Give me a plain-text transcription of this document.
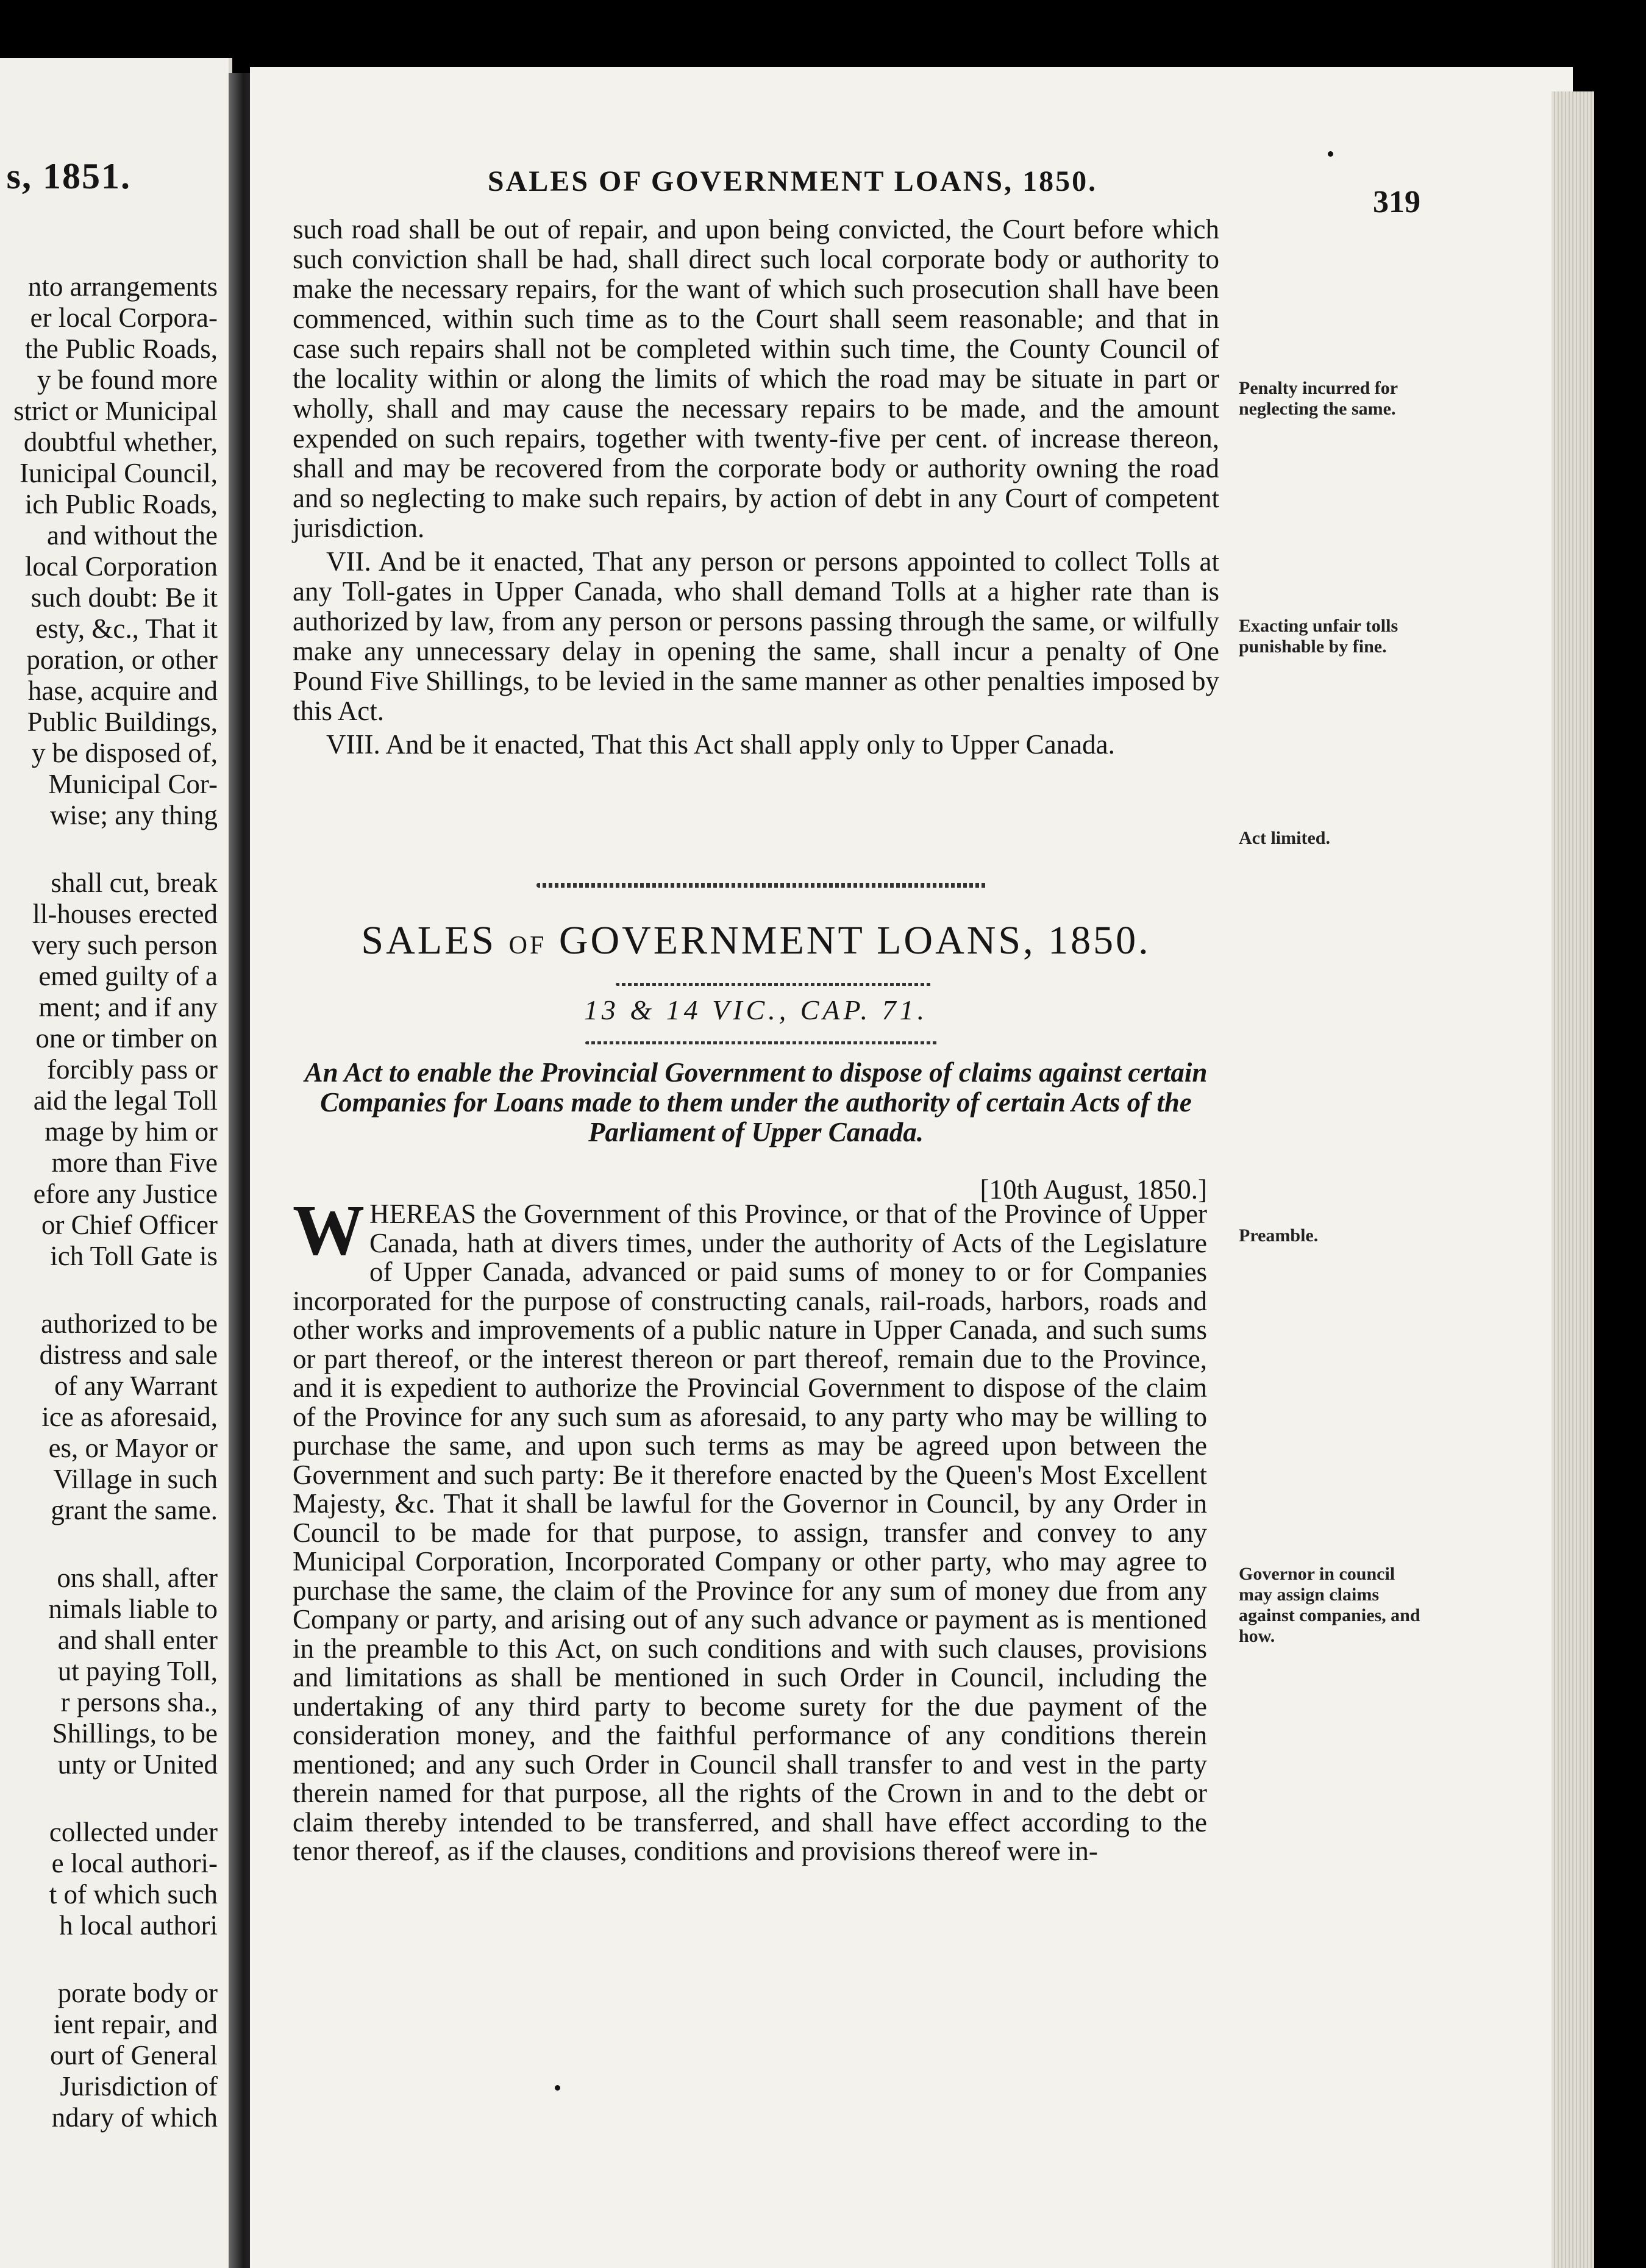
s, 1851.
nto arrangements
er local Corpora-
the Public Roads,
y be found more
strict or Municipal
doubtful whether,
Iunicipal Council,
ich Public Roads,
and without the
local Corporation
such doubt: Be it
esty, &c., That it
poration, or other
hase, acquire and
Public Buildings,
y be disposed of,
Municipal Cor-
wise; any thing
shall cut, break
ll-houses erected
very such person
emed guilty of a
ment; and if any
one or timber on
forcibly pass or
aid the legal Toll
mage by him or
more than Five
efore any Justice
or Chief Officer
ich Toll Gate is
authorized to be
distress and sale
of any Warrant
ice as aforesaid,
es, or Mayor or
Village in such
grant the same.
ons shall, after
nimals liable to
and shall enter
ut paying Toll,
r persons sha.,
Shillings, to be
unty or United
collected under
e local authori-
t of which such
h local authori
porate body or
ient repair, and
ourt of General
Jurisdiction of
ndary of which
SALES OF GOVERNMENT LOANS, 1850.
319

such road shall be out of repair, and upon being convicted, the Court before which such conviction shall be had, shall direct such local corporate body or authority to make the necessary repairs, for the want of which such prosecution shall have been commenced, within such time as to the Court shall seem reasonable; and that in case such repairs shall not be completed within such time, the County Council of the locality within or along the limits of which the road may be situate in part or wholly, shall and may cause the necessary repairs to be made, and the amount expended on such repairs, together with twenty-five per cent. of increase thereon, shall and may be recovered from the corporate body or authority owning the road and so neglecting to make such repairs, by action of debt in any Court of competent jurisdiction.

VII. And be it enacted, That any person or persons appointed to collect Tolls at any Toll-gates in Upper Canada, who shall demand Tolls at a higher rate than is authorized by law, from any person or persons passing through the same, or wilfully make any unnecessary delay in opening the same, shall incur a penalty of One Pound Five Shillings, to be levied in the same manner as other penalties imposed by this Act.

VIII. And be it enacted, That this Act shall apply only to Upper Canada.

Penalty incurred for neglecting the same.
Exacting unfair tolls punishable by fine.
Act limited.
SALES OF GOVERNMENT LOANS, 1850.
13 & 14 VIC., CAP. 71.
An Act to enable the Provincial Government to dispose of claims against certain Companies for Loans made to them under the authority of certain Acts of the Parliament of Upper Canada.
[10th August, 1850.]
W HEREAS the Government of this Province, or that of the Province of Upper Canada, hath at divers times, under the authority of Acts of the Legislature of Upper Canada, advanced or paid sums of money to or for Companies incorporated for the purpose of constructing canals, rail-roads, harbors, roads and other works and improvements of a public nature in Upper Canada, and such sums or part thereof, or the interest thereon or part thereof, remain due to the Province, and it is expedient to authorize the Provincial Government to dispose of the claim of the Province for any such sum as aforesaid, to any party who may be willing to purchase the same, and upon such terms as may be agreed upon between the Government and such party: Be it therefore enacted by the Queen's Most Excellent Majesty, &c. That it shall be lawful for the Governor in Council, by any Order in Council to be made for that purpose, to assign, transfer and convey to any Municipal Corporation, Incorporated Company or other party, who may agree to purchase the same, the claim of the Province for any sum of money due from any Company or party, and arising out of any such advance or payment as is mentioned in the preamble to this Act, on such conditions and with such clauses, provisions and limitations as shall be mentioned in such Order in Council, including the undertaking of any third party to become surety for the due payment of the consideration money, and the faithful performance of any conditions therein mentioned; and any such Order in Council shall transfer to and vest in the party therein named for that purpose, all the rights of the Crown in and to the debt or claim thereby intended to be transferred, and shall have effect according to the tenor thereof, as if the clauses, conditions and provisions thereof were in-
Preamble.
Governor in council may assign claims against companies, and how.
